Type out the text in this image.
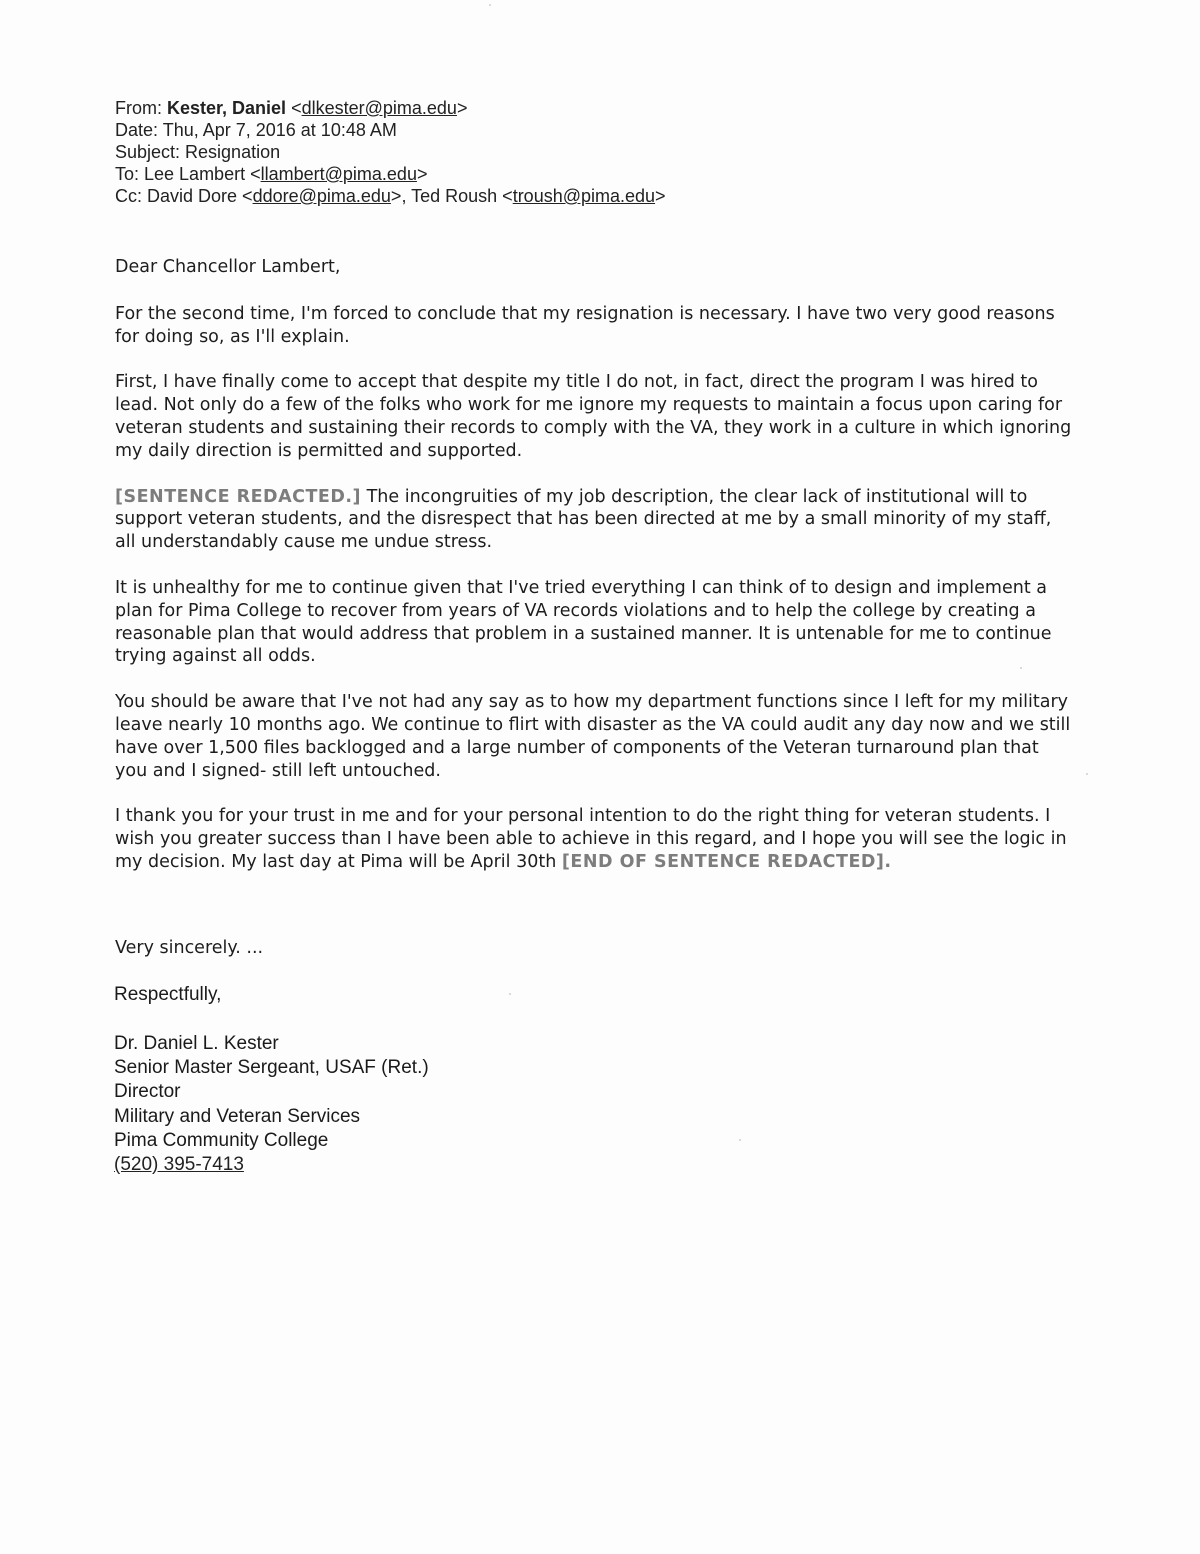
From: Kester, Daniel <dlkester@pima.edu>
Date: Thu, Apr 7, 2016 at 10:48 AM
Subject: Resignation
To: Lee Lambert <llambert@pima.edu>
Cc: David Dore <ddore@pima.edu>, Ted Roush <troush@pima.edu>

Dear Chancellor Lambert,

For the second time, I'm forced to conclude that my resignation is necessary. I have two very good reasons for doing so, as I'll explain.

First, I have finally come to accept that despite my title I do not, in fact, direct the program I was hired to lead. Not only do a few of the folks who work for me ignore my requests to maintain a focus upon caring for veteran students and sustaining their records to comply with the VA, they work in a culture in which ignoring my daily direction is permitted and supported.

[SENTENCE REDACTED.] The incongruities of my job description, the clear lack of institutional will to support veteran students, and the disrespect that has been directed at me by a small minority of my staff, all understandably cause me undue stress.

It is unhealthy for me to continue given that I've tried everything I can think of to design and implement a plan for Pima College to recover from years of VA records violations and to help the college by creating a reasonable plan that would address that problem in a sustained manner. It is untenable for me to continue trying against all odds.

You should be aware that I've not had any say as to how my department functions since I left for my military leave nearly 10 months ago. We continue to flirt with disaster as the VA could audit any day now and we still have over 1,500 files backlogged and a large number of components of the Veteran turnaround plan that you and I signed- still left untouched.

I thank you for your trust in me and for your personal intention to do the right thing for veteran students. I wish you greater success than I have been able to achieve in this regard, and I hope you will see the logic in my decision. My last day at Pima will be April 30th [END OF SENTENCE REDACTED].

Very sincerely. ...
Respectfully,
Dr. Daniel L. Kester
Senior Master Sergeant, USAF (Ret.)
Director
Military and Veteran Services
Pima Community College
(520) 395-7413
